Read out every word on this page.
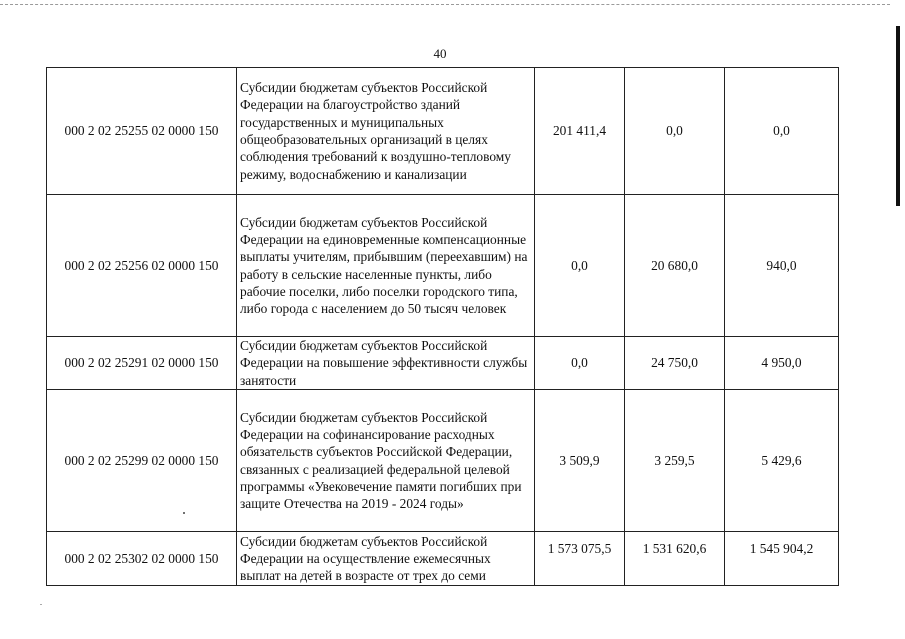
40
000 2 02 25255 02 0000 150	Субсидии бюджетам субъектов Российской Федерации на благоустройство зданий государственных и муниципальных общеобразовательных организаций в целях соблюдения требований к воздушно-тепловому режиму, водоснабжению и канализации	201 411,4	0,0	0,0
000 2 02 25256 02 0000 150	Субсидии бюджетам субъектов Российской Федерации на единовременные компенсационные выплаты учителям, прибывшим (переехавшим) на работу в сельские населенные пункты, либо рабочие поселки, либо поселки городского типа, либо города с населением до 50 тысяч человек	0,0	20 680,0	940,0
000 2 02 25291 02 0000 150	Субсидии бюджетам субъектов Российской Федерации на повышение эффективности службы занятости	0,0	24 750,0	4 950,0
000 2 02 25299 02 0000 150	Субсидии бюджетам субъектов Российской Федерации на софинансирование расходных обязательств субъектов Российской Федерации, связанных с реализацией федеральной целевой программы «Увековечение памяти погибших при защите Отечества на 2019 - 2024 годы»	3 509,9	3 259,5	5 429,6
000 2 02 25302 02 0000 150	Субсидии бюджетам субъектов Российской Федерации на осуществление ежемесячных выплат на детей в возрасте от трех до семи	1 573 075,5	1 531 620,6	1 545 904,2
